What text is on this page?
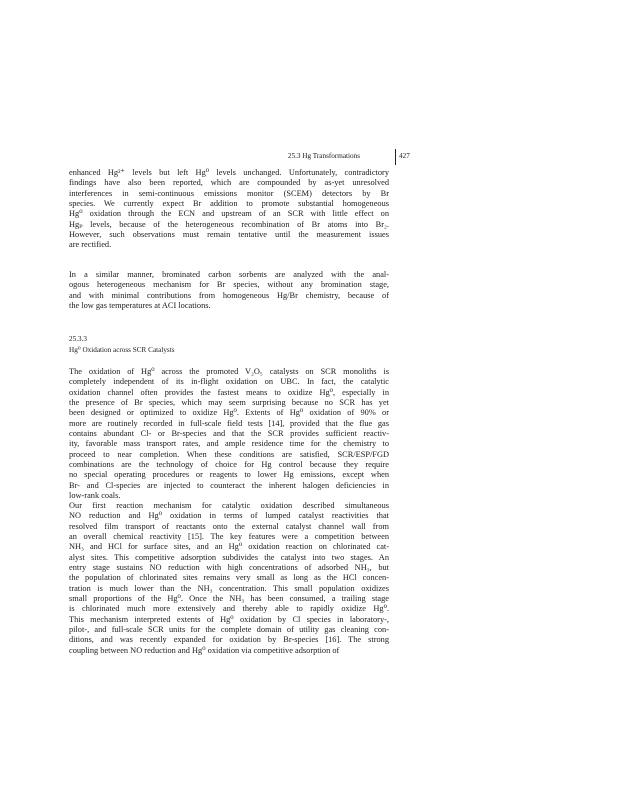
25.3 Hg Transformations	427
enhanced Hg²⁺ levels but left Hg⁰ levels unchanged. Unfortunately, contradictory
findings have also been reported, which are compounded by as-yet unresolved
interferences in semi-continuous emissions monitor (SCEM) detectors by Br
species. We currently expect Br addition to promote substantial homogeneous
Hg⁰ oxidation through the ECN and upstream of an SCR with little effect on
Hgₚ levels, because of the heterogeneous recombination of Br atoms into Br₂.
However, such observations must remain tentative until the measurement issues
are rectified.
In a similar manner, brominated carbon sorbents are analyzed with the anal-
ogous heterogeneous mechanism for Br species, without any bromination stage,
and with minimal contributions from homogeneous Hg/Br chemistry, because of
the low gas temperatures at ACI locations.
25.3.3
Hg⁰ Oxidation across SCR Catalysts
The oxidation of Hg⁰ across the promoted V₂O₅ catalysts on SCR monoliths is
completely independent of its in-flight oxidation on UBC. In fact, the catalytic
oxidation channel often provides the fastest means to oxidize Hg⁰, especially in
the presence of Br species, which may seem surprising because no SCR has yet
been designed or optimized to oxidize Hg⁰. Extents of Hg⁰ oxidation of 90% or
more are routinely recorded in full-scale field tests [14], provided that the flue gas
contains abundant Cl- or Br-species and that the SCR provides sufficient reactiv-
ity, favorable mass transport rates, and ample residence time for the chemistry to
proceed to near completion. When these conditions are satisfied, SCR/ESP/FGD
combinations are the technology of choice for Hg control because they require
no special operating procedures or reagents to lower Hg emissions, except when
Br- and Cl-species are injected to counteract the inherent halogen deficiencies in
low-rank coals.
Our first reaction mechanism for catalytic oxidation described simultaneous
NO reduction and Hg⁰ oxidation in terms of lumped catalyst reactivities that
resolved film transport of reactants onto the external catalyst channel wall from
an overall chemical reactivity [15]. The key features were a competition between
NH₃ and HCl for surface sites, and an Hg⁰ oxidation reaction on chlorinated cat-
alyst sites. This competitive adsorption subdivides the catalyst into two stages. An
entry stage sustains NO reduction with high concentrations of adsorbed NH₃, but
the population of chlorinated sites remains very small as long as the HCl concen-
tration is much lower than the NH₃ concentration. This small population oxidizes
small proportions of the Hg⁰. Once the NH₃ has been consumed, a trailing stage
is chlorinated much more extensively and thereby able to rapidly oxidize Hg⁰.
This mechanism interpreted extents of Hg⁰ oxidation by Cl species in laboratory-,
pilot-, and full-scale SCR units for the complete domain of utility gas cleaning con-
ditions, and was recently expanded for oxidation by Br-species [16]. The strong
coupling between NO reduction and Hg⁰ oxidation via competitive adsorption of
